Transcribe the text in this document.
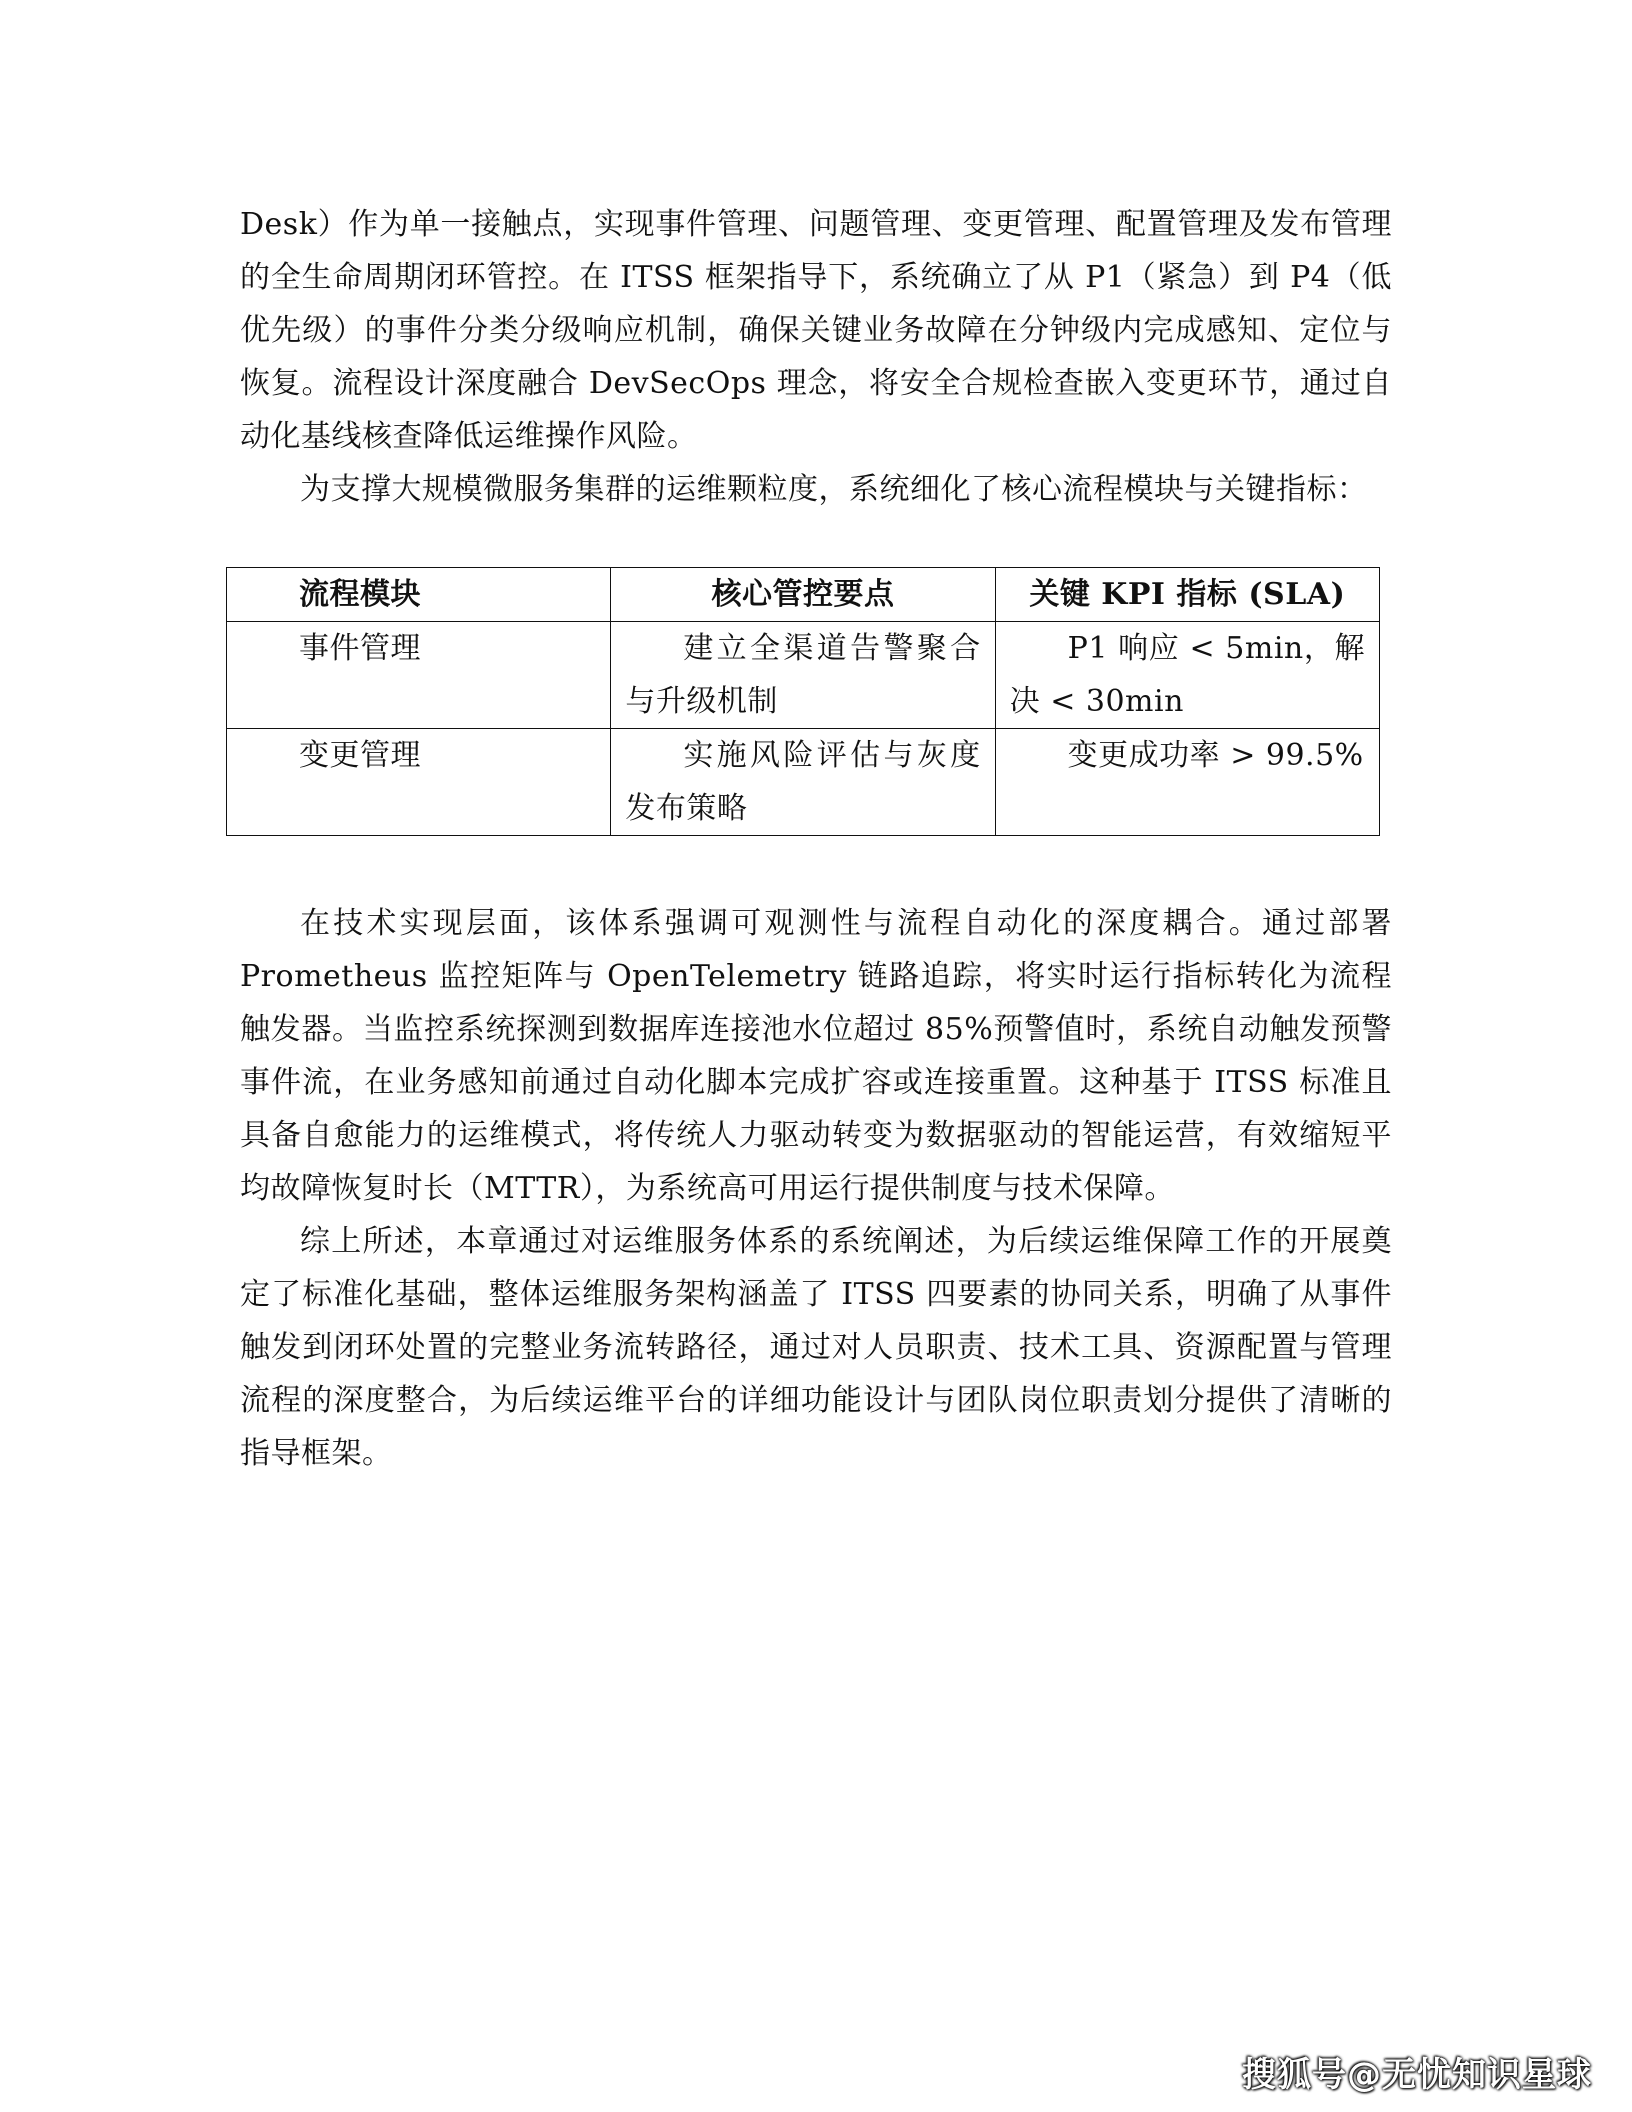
Desk）作为单一接触点，实现事件管理、问题管理、变更管理、配置管理及发布管理的全生命周期闭环管控。在 ITSS 框架指导下，系统确立了从 P1（紧急）到 P4（低优先级）的事件分类分级响应机制，确保关键业务故障在分钟级内完成感知、定位与恢复。流程设计深度融合 DevSecOps 理念，将安全合规检查嵌入变更环节，通过自动化基线核查降低运维操作风险。

为支撑大规模微服务集群的运维颗粒度，系统细化了核心流程模块与关键指标：

流程模块	核心管控要点	关键 KPI 指标 (SLA)
事件管理	建立全渠道告警聚合与升级机制	P1 响应 < 5min，解决 < 30min
变更管理	实施风险评估与灰度发布策略	变更成功率 > 99.5%

在技术实现层面，该体系强调可观测性与流程自动化的深度耦合。通过部署 Prometheus 监控矩阵与 OpenTelemetry 链路追踪，将实时运行指标转化为流程触发器。当监控系统探测到数据库连接池水位超过 85%预警值时，系统自动触发预警事件流，在业务感知前通过自动化脚本完成扩容或连接重置。这种基于 ITSS 标准且具备自愈能力的运维模式，将传统人力驱动转变为数据驱动的智能运营，有效缩短平均故障恢复时长（MTTR），为系统高可用运行提供制度与技术保障。

综上所述，本章通过对运维服务体系的系统阐述，为后续运维保障工作的开展奠定了标准化基础，整体运维服务架构涵盖了 ITSS 四要素的协同关系，明确了从事件触发到闭环处置的完整业务流转路径，通过对人员职责、技术工具、资源配置与管理流程的深度整合，为后续运维平台的详细功能设计与团队岗位职责划分提供了清晰的指导框架。

搜狐号@无忧知识星球
